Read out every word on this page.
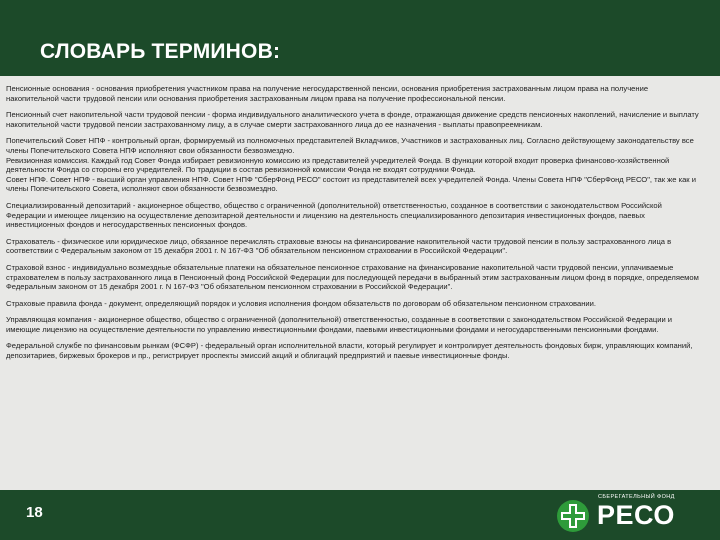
СЛОВАРЬ ТЕРМИНОВ:

Пенсионные основания - основания приобретения участником права на получение негосударственной пенсии, основания приобретения застрахованным лицом права на получение накопительной части трудовой пенсии или основания приобретения застрахованным лицом права на получение профессиональной пенсии.

Пенсионный счет накопительной части трудовой пенсии - форма индивидуального аналитического учета в фонде, отражающая движение средств пенсионных накоплений, начисление и выплату накопительной части трудовой пенсии застрахованному лицу, а в случае смерти застрахованного лица до ее назначения - выплаты правопреемникам.

Попечительский Совет НПФ - контрольный орган, формируемый из полномочных представителей Вкладчиков, Участников и застрахованных лиц. Согласно действующему законодательству все члены Попечительского Совета НПФ исполняют свои обязанности безвозмездно.

Ревизионная комиссия. Каждый год Совет Фонда избирает ревизионную комиссию из представителей учредителей Фонда. В функции которой входит проверка финансово-хозяйственной деятельности Фонда со стороны его учредителей. По традиции в состав ревизионной комиссии Фонда не входят сотрудники Фонда.

Совет НПФ. Совет НПФ - высший орган управления НПФ. Совет НПФ "СберФонд РЕСО" состоит из представителей всех учредителей Фонда. Члены Совета НПФ "СберФонд РЕСО", так же как и члены Попечительского Совета, исполняют свои обязанности безвозмездно.

Специализированный депозитарий - акционерное общество, общество с ограниченной (дополнительной) ответственностью, созданное в соответствии с законодательством Российской Федерации и имеющее лицензию на осуществление депозитарной деятельности и лицензию на деятельность специализированного депозитария инвестиционных фондов, паевых инвестиционных фондов и негосударственных пенсионных фондов.

Страхователь - физическое или юридическое лицо, обязанное перечислять страховые взносы на финансирование накопительной части трудовой пенсии в пользу застрахованного лица в соответствии с Федеральным законом от 15 декабря 2001 г. N 167-ФЗ "Об обязательном пенсионном страховании в Российской Федерации".

Страховой взнос - индивидуально возмездные обязательные платежи на обязательное пенсионное страхование на финансирование накопительной части трудовой пенсии, уплачиваемые страхователем в пользу застрахованного лица в Пенсионный фонд Российской Федерации для последующей передачи в выбранный этим застрахованным лицом фонд в порядке, определяемом Федеральным законом от 15 декабря 2001 г. N 167-ФЗ "Об обязательном пенсионном страховании в Российской Федерации".

Страховые правила фонда - документ, определяющий порядок и условия исполнения фондом обязательств по договорам об обязательном пенсионном страховании.

Управляющая компания - акционерное общество, общество с ограниченной (дополнительной) ответственностью, созданные в соответствии с законодательством Российской Федерации и имеющие лицензию на осуществление деятельности по управлению инвестиционными фондами, паевыми инвестиционными фондами и негосударственными пенсионными фондами.

Федеральной службе по финансовым рынкам (ФСФР) - федеральный орган исполнительной власти, который регулирует и контролирует деятельность фондовых бирж, управляющих компаний, депозитариев, биржевых брокеров и пр., регистрирует проспекты эмиссий акций и облигаций предприятий и паевые инвестиционные фонды.

18
СБЕРЕГАТЕЛЬНЫЙ ФОНД
РЕСО
